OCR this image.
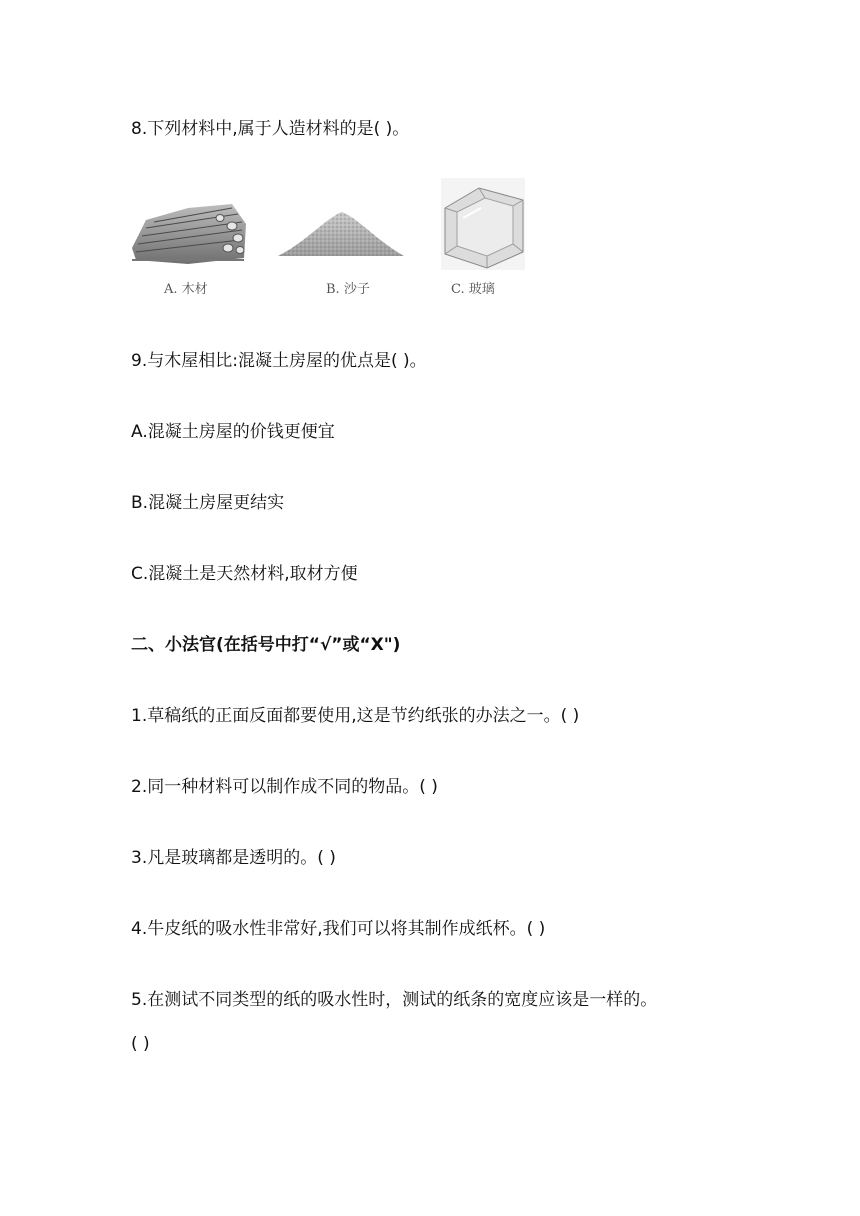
8.下列材料中,属于人造材料的是( )。
A. 木材	B. 沙子	C. 玻璃
9.与木屋相比:混凝土房屋的优点是( )。
A.混凝土房屋的价钱更便宜
B.混凝土房屋更结实
C.混凝土是天然材料,取材方便
二、小法官(在括号中打“√”或“X")
1.草稿纸的正面反面都要使用,这是节约纸张的办法之一。( )
2.同一种材料可以制作成不同的物品。( )
3.凡是玻璃都是透明的。( )
4.牛皮纸的吸水性非常好,我们可以将其制作成纸杯。( )
5.在测试不同类型的纸的吸水性时，测试的纸条的宽度应该是一样的。
( )
